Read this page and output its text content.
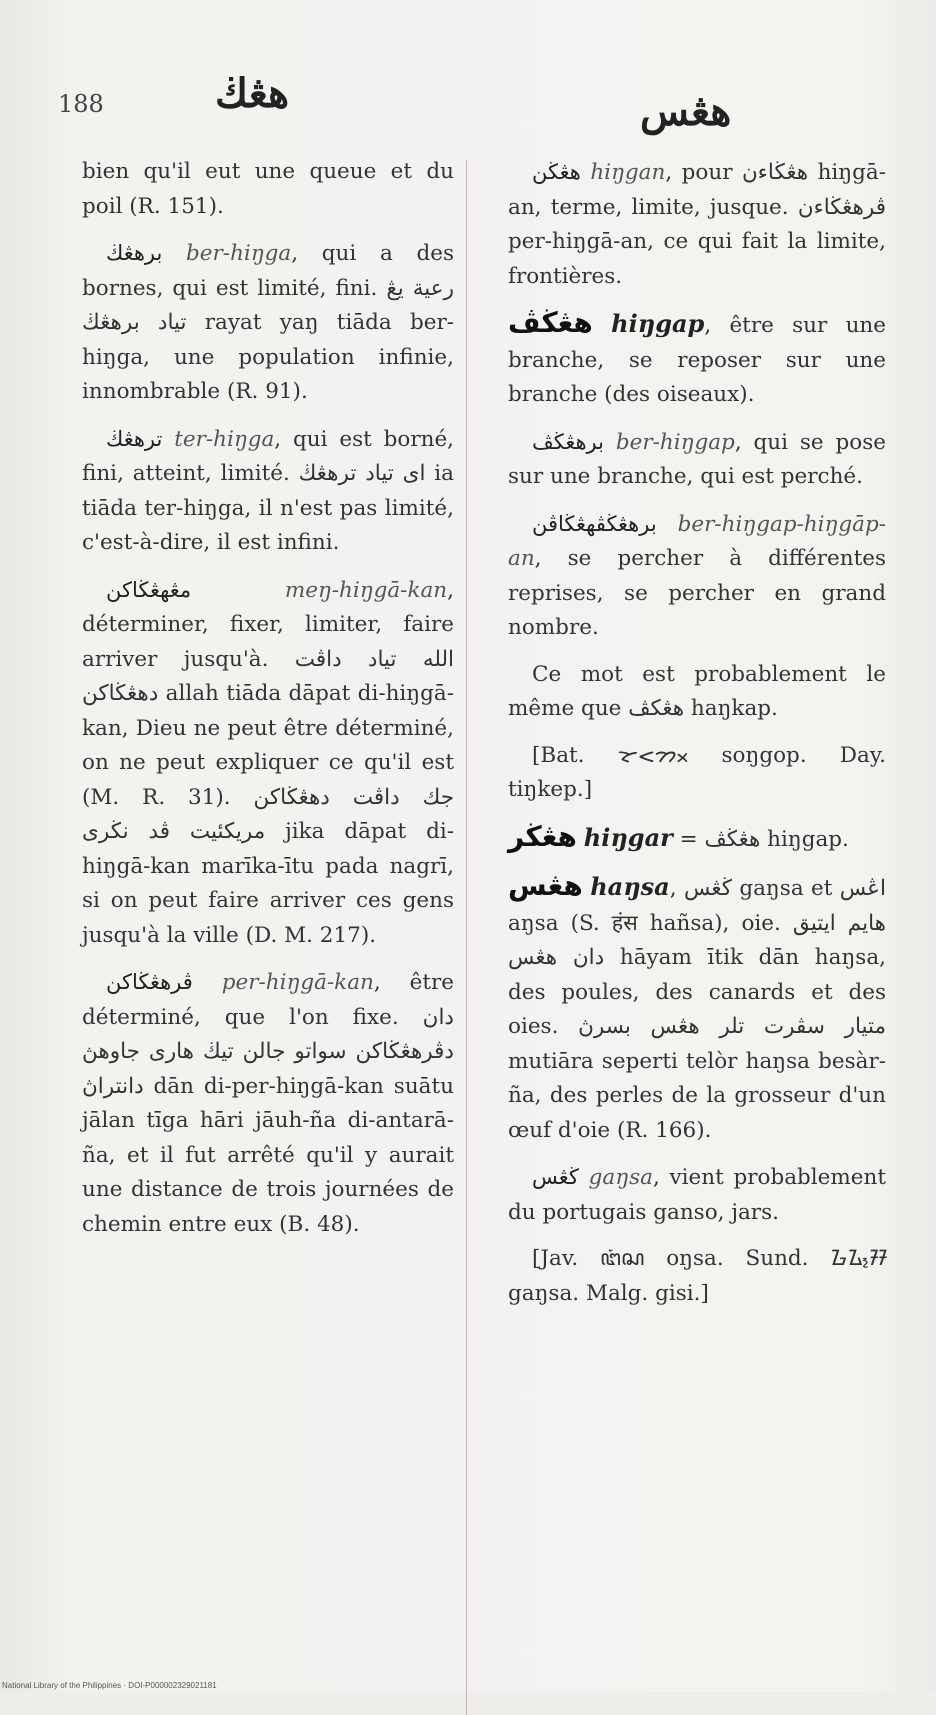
188	هڠڬ	هڠس

bien qu'il eut une queue et du poil (R. 151).

برهڠڬ ber-hiŋga, qui a des bornes, qui est limité, fini. رعية يڠ تياد برهڠڬ rayat yaŋ tiāda ber-hiŋga, une population infinie, innombrable (R. 91).

ترهڠڬ ter-hiŋga, qui est borné, fini, atteint, limité. اى تياد ترهڠڬ ia tiāda ter-hiŋga, il n'est pas limité, c'est-à-dire, il est infini.

مڠهڠڬاكن	meŋ-hiŋgā-kan, déterminer, fixer, limiter, faire arriver jusqu'à. الله تياد داڤت دهڠڬاكن allah tiāda dāpat di-hiŋgā-kan, Dieu ne peut être déterminé, on ne peut expliquer ce qu'il est (M. R. 31). جك داڤت دهڠڬاكن مريكئيت ڤد نڬرى jika dāpat di-hiŋgā-kan marīka-ītu pada nagrī, si on peut faire arriver ces gens jusqu'à la ville (D. M. 217).

ڤرهڠڬاكن per-hiŋgā-kan, être déterminé, que l'on fixe. دان دڤرهڠڬاكن سواتو جالن تيڬ هارى جاوهڽ دانتراڽ dān di-per-hiŋgā-kan suātu jālan tīga hāri jāuh-ña di-antarā-ña, et il fut arrêté qu'il y aurait une distance de trois journées de chemin entre eux (B. 48).

هڠڬن hiŋgan, pour هڠڬاءن hiŋgā-an, terme, limite, jusque. ڤرهڠڬاءن per-hiŋgā-an, ce qui fait la limite, frontières.

هڠڬڤ hiŋgap, être sur une branche, se reposer sur une branche (des oiseaux).

برهڠڬڤ ber-hiŋgap, qui se pose sur une branche, qui est perché.

برهڠڬڤهڠڬاڤن ber-hiŋgap-hiŋgāp-an, se percher à différentes reprises, se percher en grand nombre.

Ce mot est probablement le même que هڠكڤ haŋkap.

[Bat. ᯘᯝᯂᯬ soŋgop. Day. tiŋkep.]

هڠڬر hiŋgar = هڠڬڤ hiŋgap.

هڠس haŋsa, ڬڠس gaŋsa et اڠس aŋsa (S. हंस hañsa), oie. هايم ايتيق دان هڠس hāyam ītik dān haŋsa, des poules, des canards et des oies. متيار سڤرت تلر هڠس بسرڽ mutiāra seperti telòr haŋsa besàr-ña, des perles de la grosseur d'un œuf d'oie (R. 166).

ڬڠس gaŋsa, vient probablement du portugais ganso, jars.

[Jav. ꦔꦁꦱ oŋsa. Sund. ᮌᮍ᮪ᮞ gaŋsa. Malg. gisi.]

National Library of the Philippines · DOI-P000002329021181
